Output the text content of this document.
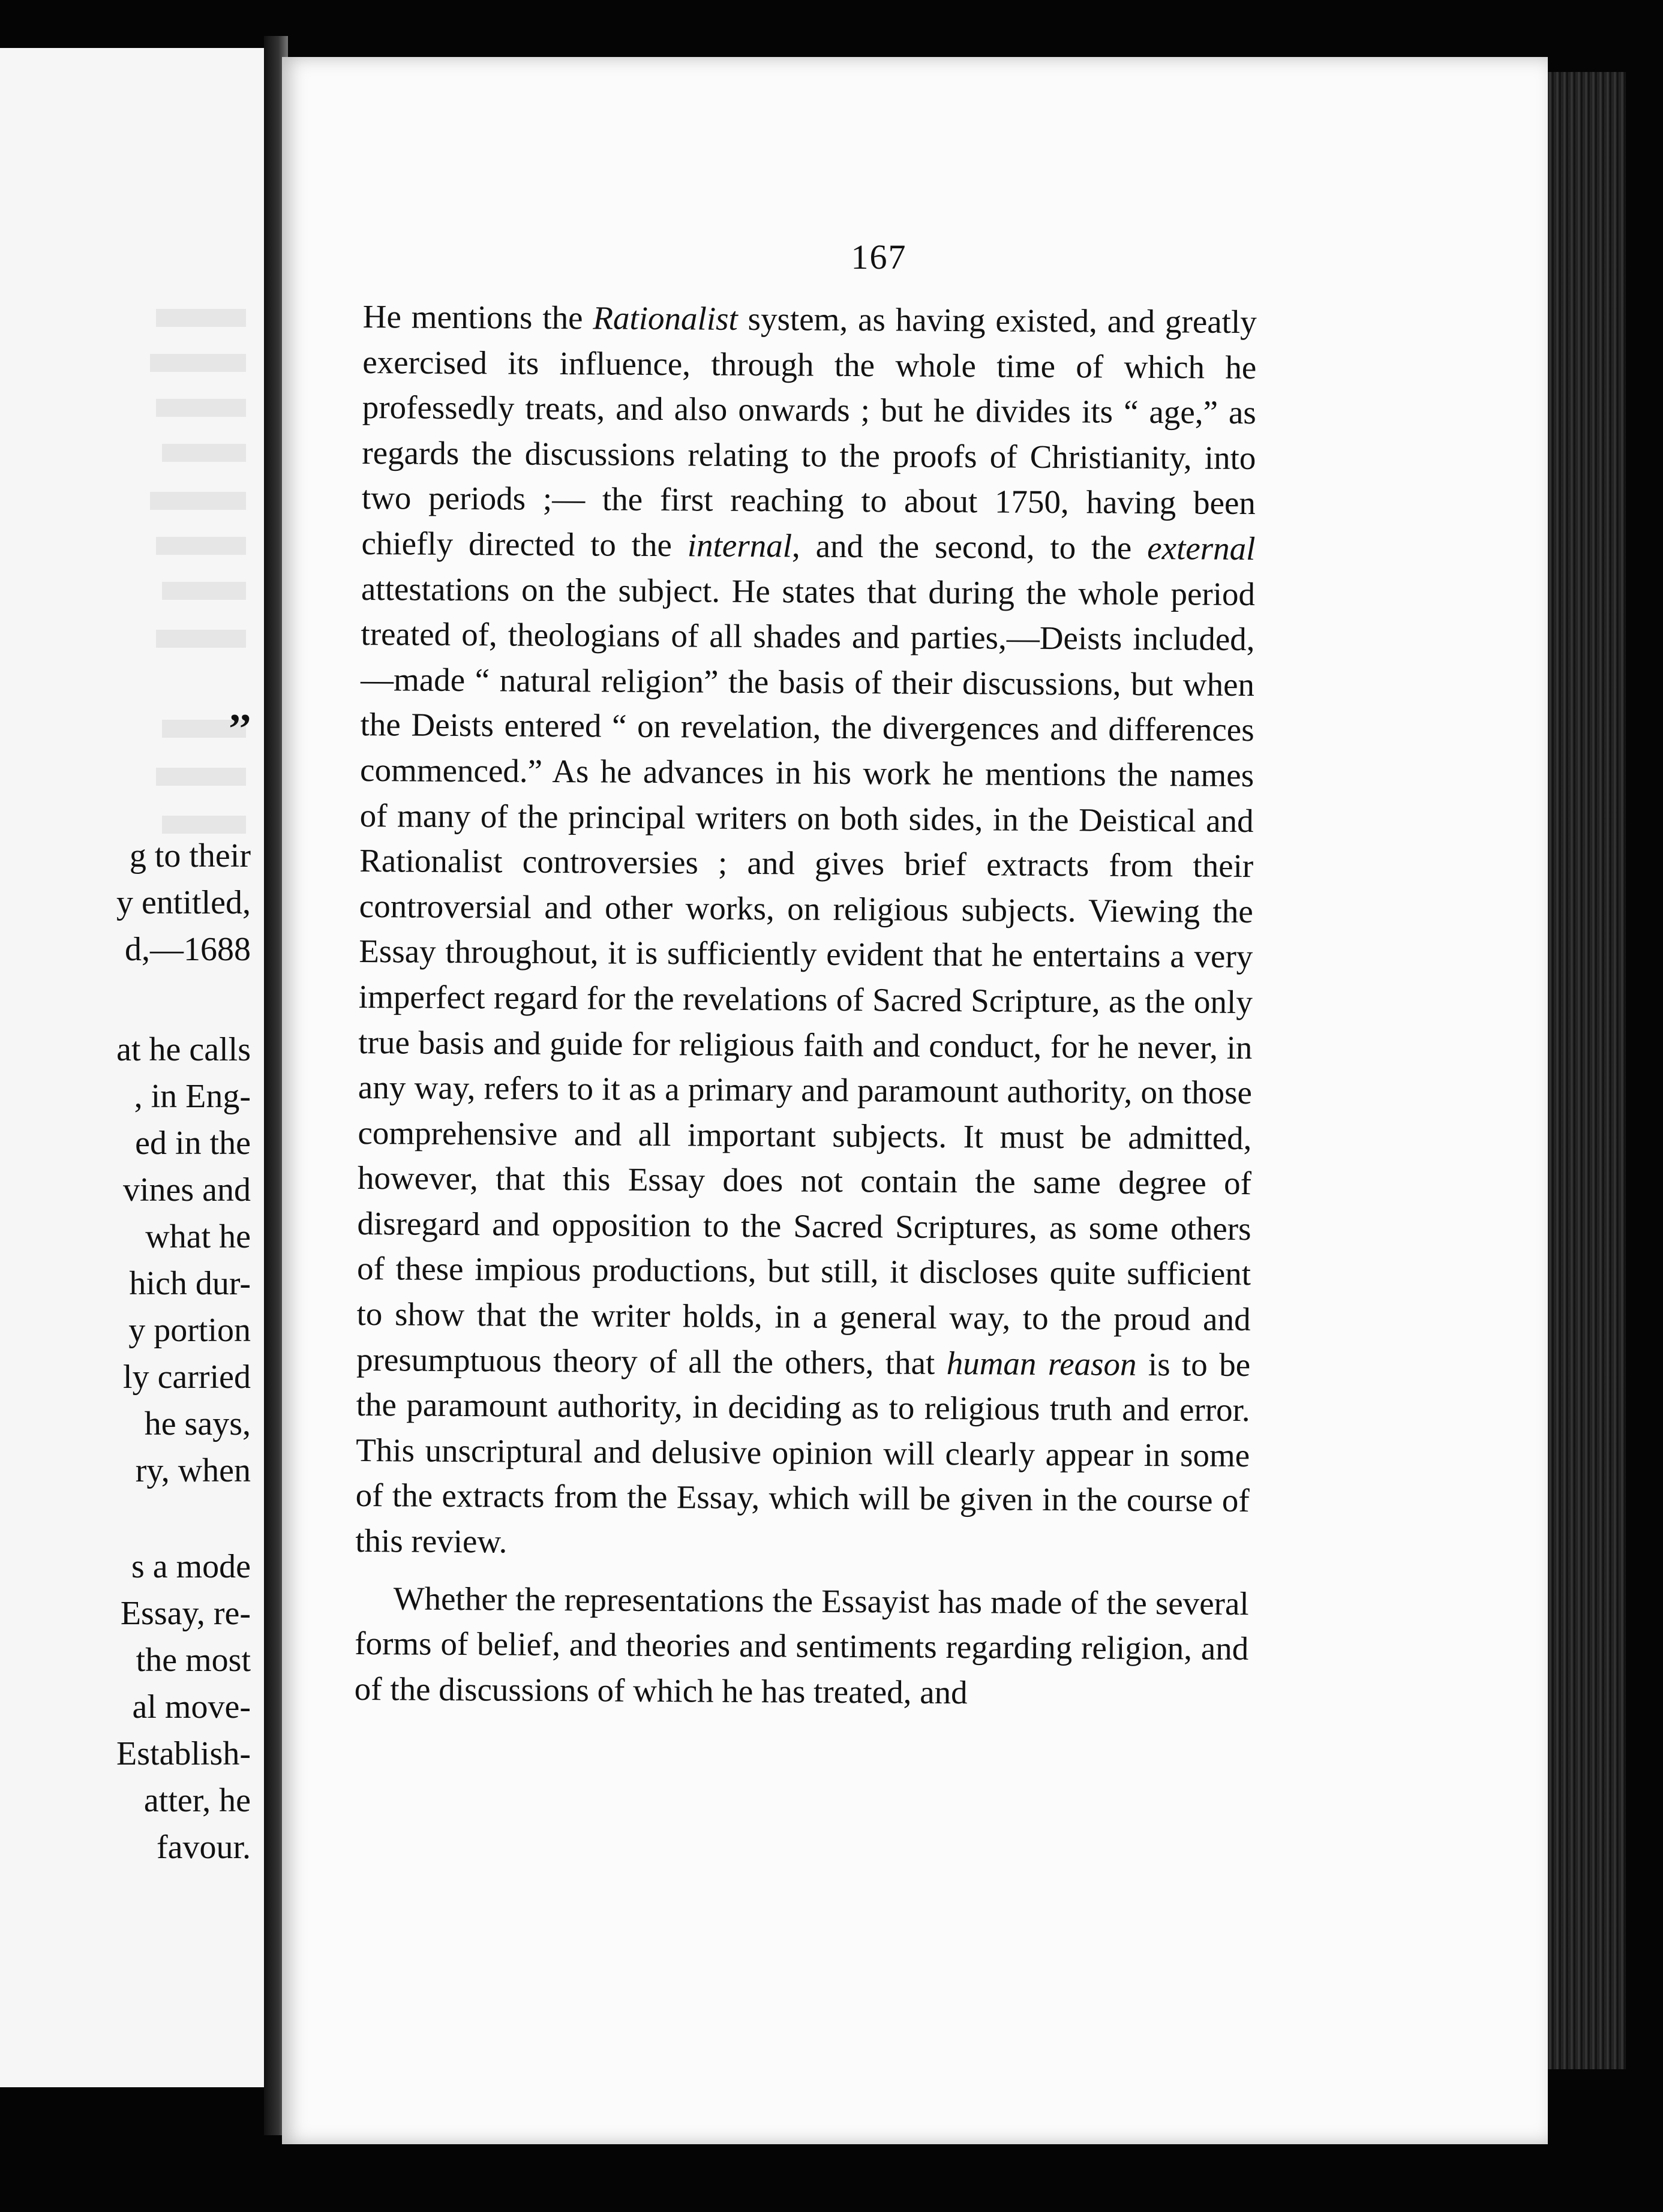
,,
g to their
y entitled,
d,—1688
at he calls
, in Eng-
ed in the
vines and
what he
hich dur-
y portion
ly carried
he says,
ry, when
s a mode
Essay, re-
the most
al move-
Establish-
atter, he
favour.
167

He mentions the Rationalist system, as having existed, and greatly exercised its influence, through the whole time of which he professedly treats, and also onwards ; but he divides its “ age,” as regards the discussions relating to the proofs of Christianity, into two periods ;— the first reaching to about 1750, having been chiefly directed to the internal, and the second, to the external attestations on the subject. He states that during the whole period treated of, theologians of all shades and parties,—Deists included,—made “ natural religion” the basis of their discussions, but when the Deists entered “ on revelation, the divergences and differences commenced.” As he advances in his work he mentions the names of many of the principal writers on both sides, in the Deistical and Rationalist controversies ; and gives brief extracts from their controversial and other works, on religious subjects. Viewing the Essay throughout, it is sufficiently evident that he entertains a very imperfect regard for the revelations of Sacred Scripture, as the only true basis and guide for religious faith and conduct, for he never, in any way, refers to it as a primary and paramount authority, on those comprehensive and all important subjects. It must be admitted, however, that this Essay does not contain the same degree of disregard and opposition to the Sacred Scriptures, as some others of these impious productions, but still, it discloses quite sufficient to show that the writer holds, in a general way, to the proud and presumptuous theory of all the others, that human reason is to be the paramount authority, in deciding as to religious truth and error. This unscriptural and delusive opinion will clearly appear in some of the extracts from the Essay, which will be given in the course of this review.

Whether the representations the Essayist has made of the several forms of belief, and theories and sentiments regarding religion, and of the discussions of which he has treated, and
